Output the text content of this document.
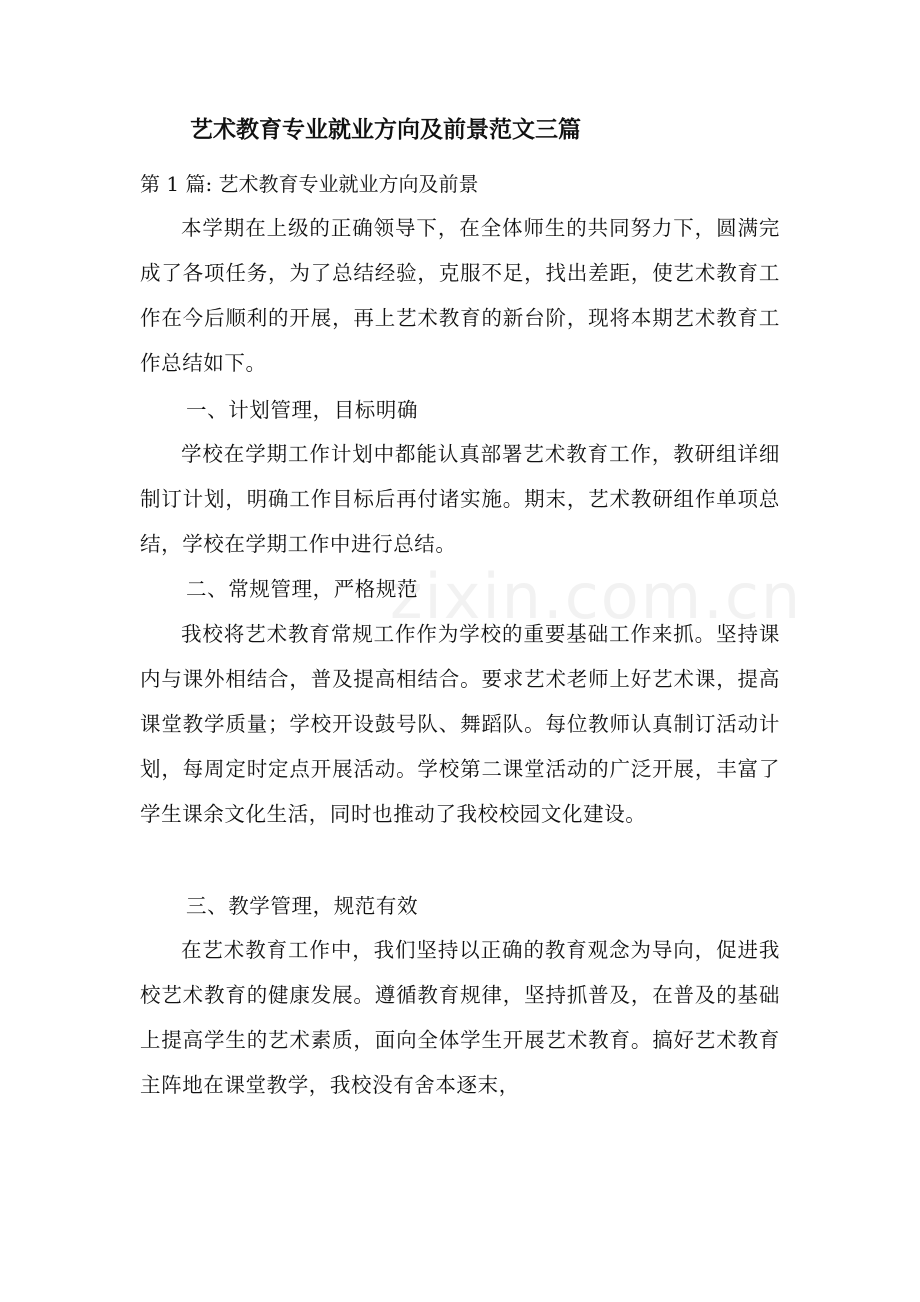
zixin.com.cn
艺术教育专业就业方向及前景范文三篇
第 1 篇: 艺术教育专业就业方向及前景
本学期在上级的正确领导下，在全体师生的共同努力下，圆满完成了各项任务，为了总结经验，克服不足，找出差距，使艺术教育工作在今后顺利的开展，再上艺术教育的新台阶，现将本期艺术教育工作总结如下。
一、计划管理，目标明确
学校在学期工作计划中都能认真部署艺术教育工作，教研组详细制订计划，明确工作目标后再付诸实施。期末，艺术教研组作单项总结，学校在学期工作中进行总结。
二、常规管理，严格规范
我校将艺术教育常规工作作为学校的重要基础工作来抓。坚持课内与课外相结合，普及提高相结合。要求艺术老师上好艺术课，提高课堂教学质量；学校开设鼓号队、舞蹈队。每位教师认真制订活动计划，每周定时定点开展活动。学校第二课堂活动的广泛开展，丰富了学生课余文化生活，同时也推动了我校校园文化建设。
三、教学管理，规范有效
在艺术教育工作中，我们坚持以正确的教育观念为导向，促进我校艺术教育的健康发展。遵循教育规律，坚持抓普及，在普及的基础上提高学生的艺术素质，面向全体学生开展艺术教育。搞好艺术教育主阵地在课堂教学，我校没有舍本逐末，
